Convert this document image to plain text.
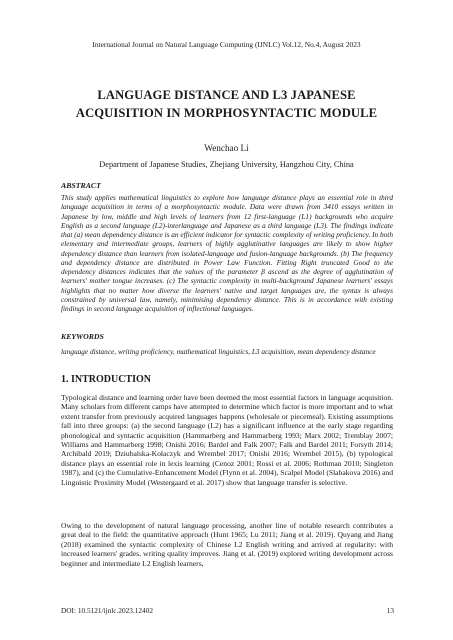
International Journal on Natural Language Computing (IJNLC) Vol.12, No.4, August 2023
LANGUAGE DISTANCE AND L3 JAPANESE
ACQUISITION IN MORPHOSYNTACTIC MODULE
Wenchao Li
Department of Japanese Studies, Zhejiang University, Hangzhou City, China
ABSTRACT

This study applies mathematical linguistics to explore how language distance plays an essential role in third language acquisition in terms of a morphosyntactic module. Data were drawn from 3410 essays written in Japanese by low, middle and high levels of learners from 12 first-language (L1) backgrounds who acquire English as a second language (L2)-interlanguage and Japanese as a third language (L3). The findings indicate that (a) mean dependency distance is an efficient indicator for syntactic complexity of writing proficiency. In both elementary and intermediate groups, learners of highly agglutinative languages are likely to show higher dependency distance than learners from isolated-language and fusion-language backgrounds. (b) The frequency and dependency distance are distributed in Power Law Function. Fitting Right truncated Good to the dependency distances indicates that the values of the parameter β ascend as the degree of agglutination of learners' mother tongue increases. (c) The syntactic complexity in multi-background Japanese learners' essays highlights that no matter how diverse the learners' native and target languages are, the syntax is always constrained by universal law, namely, minimising dependency distance. This is in accordance with existing findings in second language acquisition of inflectional languages.

KEYWORDS

language distance, writing proficiency, mathematical linguistics, L3 acquisition, mean dependency distance

1. INTRODUCTION

Typological distance and learning order have been deemed the most essential factors in language acquisition. Many scholars from different camps have attempted to determine which factor is more important and to what extent transfer from previously acquired languages happens (wholesale or piecemeal). Existing assumptions fall into three groups: (a) the second language (L2) has a significant influence at the early stage regarding phonological and syntactic acquisition (Hammarberg and Hammarberg 1993; Marx 2002; Tremblay 2007; Williams and Hammarberg 1998; Onishi 2016; Bardel and Falk 2007; Falk and Bardel 2011; Forsyth 2014; Archibald 2019; Dziubalska-Kołaczyk and Wrembel 2017; Onishi 2016; Wrembel 2015), (b) typological distance plays an essential role in lexis learning (Cenoz 2001; Rossi et al. 2006; Rothman 2010; Singleton 1987), and (c) the Cumulative-Enhancement Model (Flynn et al. 2004), Scalpel Model (Slabakova 2016) and Linguistic Proximity Model (Westergaard et al. 2017) show that language transfer is selective.

Owing to the development of natural language processing, another line of notable research contributes a great deal to the field: the quantitative approach (Hunt 1965; Lu 2011; Jiang et al. 2019). Quyang and Jiang (2018) examined the syntactic complexity of Chinese L2 English writing and arrived at regularity: with increased learners' grades, writing quality improves. Jiang et al. (2019) explored writing development across beginner and intermediate L2 English learners,

DOI: 10.5121/ijnlc.2023.12402	13
